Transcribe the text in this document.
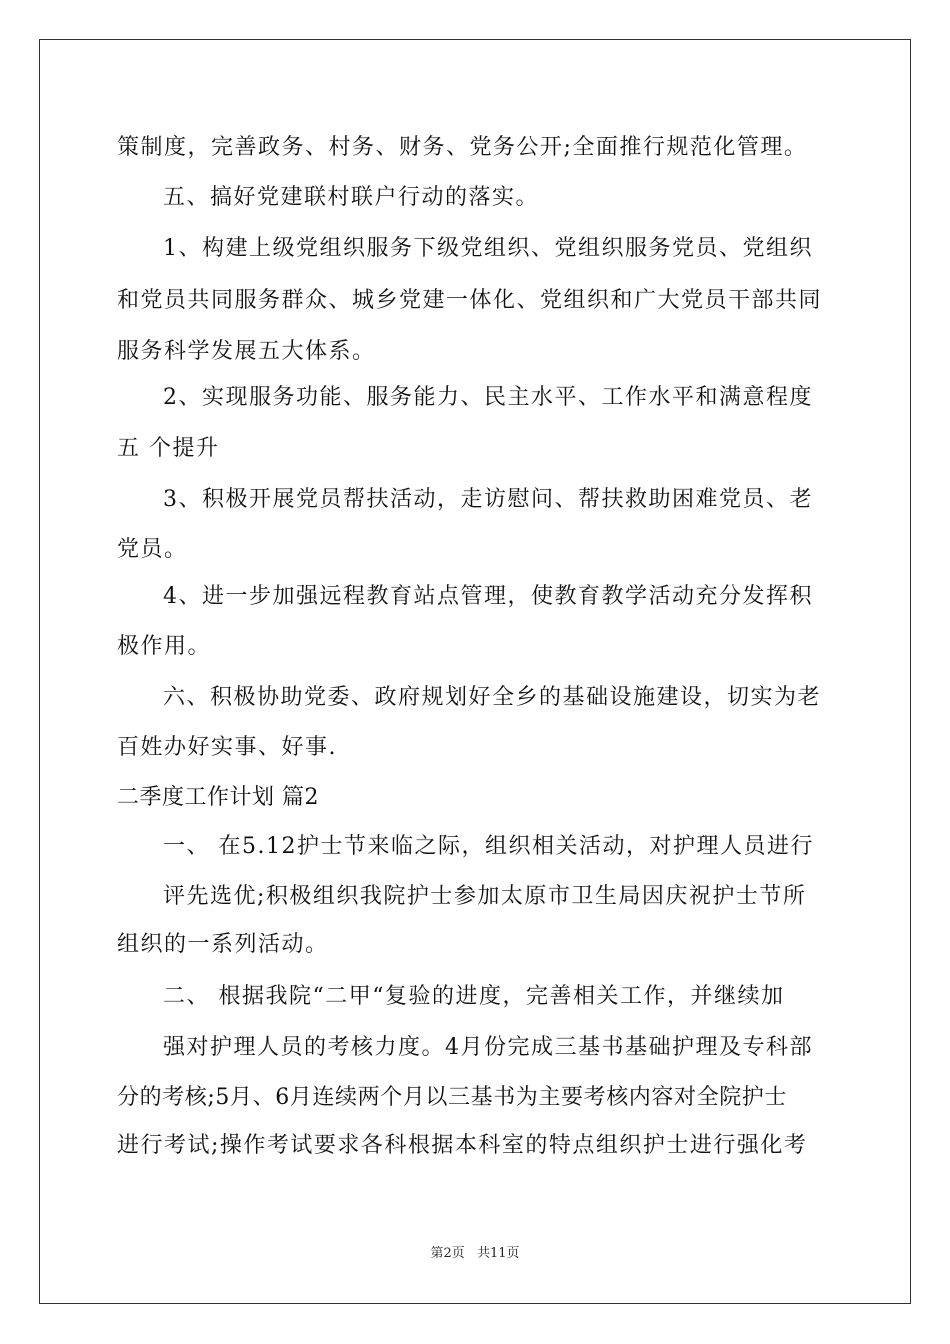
策制度，完善政务、村务、财务、党务公开;全面推行规范化管理。
五、搞好党建联村联户行动的落实。
1、构建上级党组织服务下级党组织、党组织服务党员、党组织
和党员共同服务群众、城乡党建一体化、党组织和广大党员干部共同
服务科学发展五大体系。
2、实现服务功能、服务能力、民主水平、工作水平和满意程度
五 个提升
3、积极开展党员帮扶活动，走访慰问、帮扶救助困难党员、老
党员。
4、进一步加强远程教育站点管理，使教育教学活动充分发挥积
极作用。
六、积极协助党委、政府规划好全乡的基础设施建设，切实为老
百姓办好实事、好事.
二季度工作计划 篇2
一、 在5.12护士节来临之际，组织相关活动，对护理人员进行
评先选优;积极组织我院护士参加太原市卫生局因庆祝护士节所
组织的一系列活动。
二、 根据我院“二甲“复验的进度，完善相关工作，并继续加
强对护理人员的考核力度。4月份完成三基书基础护理及专科部
分的考核;5月、6月连续两个月以三基书为主要考核内容对全院护士
进行考试;操作考试要求各科根据本科室的特点组织护士进行强化考
第2页 共11页
